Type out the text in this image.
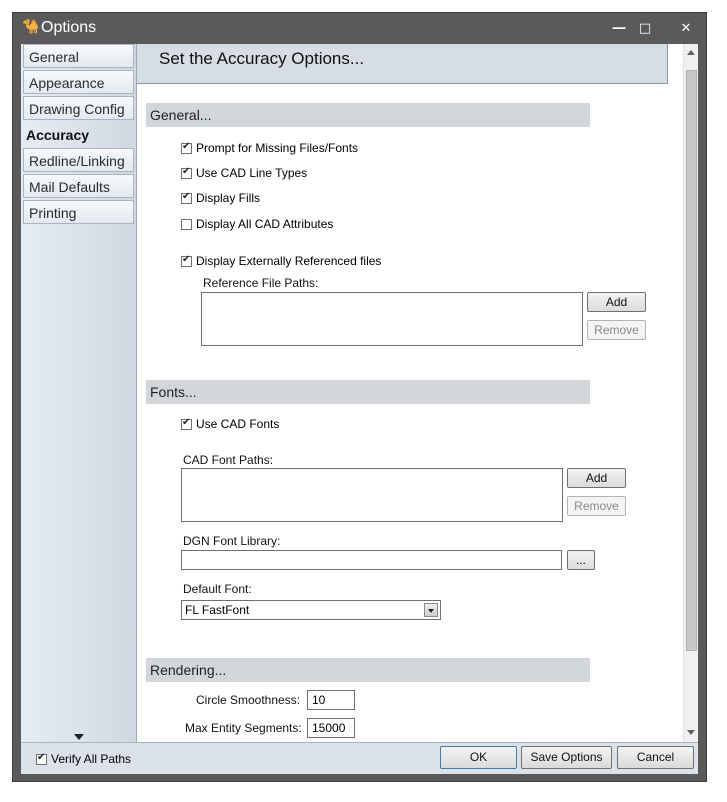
🐪 Options	― □ ✕
General
Appearance
Drawing Config
Accuracy
Redline/Linking
Mail Defaults
Printing
Set the Accuracy Options...
General...
✔Prompt for Missing Files/Fonts
✔Use CAD Line Types
✔Display Fills
Display All CAD Attributes
✔Display Externally Referenced files
Reference File Paths:
Add
Remove
Fonts...
✔Use CAD Fonts
CAD Font Paths:
Add
Remove
DGN Font Library:
...
Default Font:
FL FastFont
Rendering...
Circle Smoothness: 10
Max Entity Segments: 15000
✔Verify All Paths	OK	Save Options	Cancel
